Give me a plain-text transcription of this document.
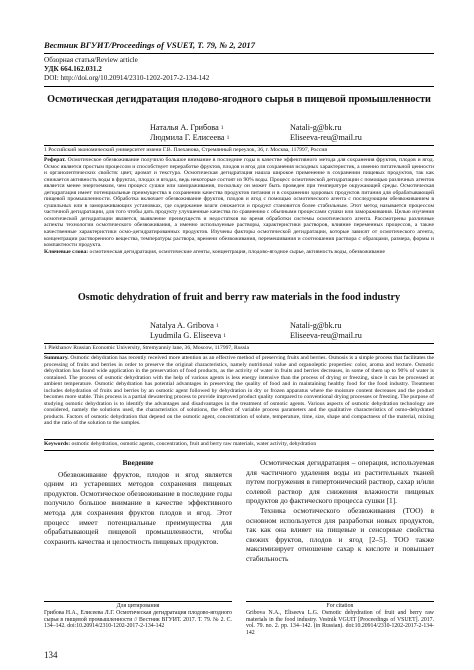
Вестник ВГУИТ/Proceedings of VSUET, Т. 79, № 2, 2017
Обзорная статья/Review article
УДК 664.162.031.2
DOI: http://doi.org/10.20914/2310-1202-2017-2-134-142
Осмотическая дегидратация плодово-ягодного сырья в пищевой промышленности
Наталья А. Грибова $^1$	Natali-g@bk.ru
Людмила Г. Елисеева $^1$	Eliseeva-reu@mail.ru
1 Российский экономический университет имени Г.В. Плеханова, Стремянный переулок, 36, г. Москва, 117997, Россия
Реферат. Осмотическое обезвоживание получило большое внимание в последние годы в качестве эффективного метода для сохранения фруктов, плодов и ягод. Осмос является простым процессом и способствует переработке фруктов, плодов и ягод для сохранения исходных характеристик, а именно питательной ценности и органолептических свойств: цвет, аромат и текстура. Осмотическая дегидратация нашла широкое применение в сохранении пищевых продуктов, так как снижается активность воды в фруктах, плодах и ягодах, ведь некоторые состоят из 90% воды. Процесс осмотической дегидратации с помощью различных агентов является менее энергоемким, чем процесс сушки или замораживания, поскольку он может быть проведен при температуре окружающей среды. Осмотическая дегидратация имеет потенциальные преимущества в сохранении качества продуктов питания и в сохранении здоровых продуктов питания для обрабатывающей пищевой промышленности. Обработка включает обезвоживание фруктов, плодов и ягод с помощью осмотического агента с последующим обезвоживанием в сушильных или в замораживающих установках, где содержание влаги снижается и продукт становится более стабильным. Этот метод называется процессом частичной дегидратации, для того чтобы дать продукту улучшенные качества по сравнению с обычными процессами сушки или замораживания. Целью изучения осмотической дегидратации является, выявление преимуществ и недостатков во время обработки системы осмотического агента. Рассмотрены различные аспекты технологии осмотического обезвоживания, а именно используемые растворы, характеристики растворов, влияние переменных процессов, а также качественные характеристики осмо-дегидратированных продуктов. Изучены факторы осмотической дегидратации, которые зависят от осмотического агента, концентрации растворенного вещества, температуры раствора, времени обезвоживания, перемешивания и соотношения раствора с образцами, размера, формы и компактности продукта.
Ключевые слова: осмотическая дегидратация, осмотические агенты, концентрация, плодово-ягодное сырье, активность воды, обезвоживание
Osmotic dehydration of fruit and berry raw materials in the food industry
Natalya A. Gribova $^1$	Natali-g@bk.ru
Lyudmila G. Eliseeva $^1$	Eliseeva-reu@mail.ru
1 Plekhanov Russian Economic University, Stremyanniy lane, 36, Moscow, 117997, Russia
Summary. Osmotic dehydration has recently received more attention as an effective method of preserving fruits and berries. Osmosis is a simple process that facilitates the processing of fruits and berries in order to preserve the original characteristics, namely nutritional value and organoleptic properties: color, aroma and texture. Osmotic dehydration has found wide application in the preservation of food products, as the activity of water in fruits and berries decreases, in some of them up to 90% of water is contained. The process of osmotic dehydration with the help of various agents is less energy intensive than the process of drying or freezing, since it can be processed at ambient temperature. Osmotic dehydration has potential advantages in preserving the quality of food and in maintaining healthy food for the food industry. Treatment includes dehydration of fruits and berries by an osmotic agent followed by dehydration in dry or frozen apparatus where the moisture content decreases and the product becomes more stable. This process is a partial dewatering process to provide improved product quality compared to conventional drying processes or freezing. The purpose of studying osmotic dehydration is to identify the advantages and disadvantages in the treatment of osmotic agents. Various aspects of osmotic dehydration technology are considered, namely the solutions used, the characteristics of solutions, the effect of variable process parameters and the qualitative characteristics of osmo-dehydrated products. Factors of osmotic dehydration that depend on the osmotic agent, concentration of solute, temperature, time, size, shape and compactness of the material, mixing and the ratio of the solution to the samples.
Keywords: osmotic dehydration, osmotic agents, concentration, fruit and berry raw materials, water activity, dehydration

Введение

Обезвоживание фруктов, плодов и ягод является одним из устаревших методов сохранения пищевых продуктов. Осмотическое обезвоживание в последние годы получило большое внимание в качестве эффективного метода для сохранения фруктов плодов и ягод. Этот процесс имеет потенциальные преимущества для обрабатывающей пищевой промышленности, чтобы сохранить качества и целостность пищевых продуктов.

Осмотическая дегидратация – операция, используемая для частичного удаления воды из растительных тканей путем погружения в гипертонический раствор, сахар и/или солевой раствор для снижения влажности пищевых продуктов до фактического процесса сушки [1].

Техника осмотического обезвоживания (ТОО) в основном используется для разработки новых продуктов, так как она влияет на пищевые и сенсорные свойства свежих фруктов, плодов и ягод [2–5]. ТОО также максимизирует отношение сахар к кислоте и повышает стабильность

Для цитирования
Грибова Н.А., Елисеева Л.Г. Осмотическая дегидратация плодово-ягодного сырья в пищевой промышленности // Вестник ВГУИТ. 2017. Т. 79. № 2. С. 134–142. doi:10.20914/2310-1202-2017-2-134-142
For citation
Gribova N.A., Eliseeva L.G. Osmotic dehydration of fruit and berry raw materials in the food industry. Vestnik VGUIT [Proceedings of VSUET]. 2017. vol. 79. no. 2. pp. 134–142. (in Russian). doi:10.20914/2310-1202-2017-2-134-142
134
